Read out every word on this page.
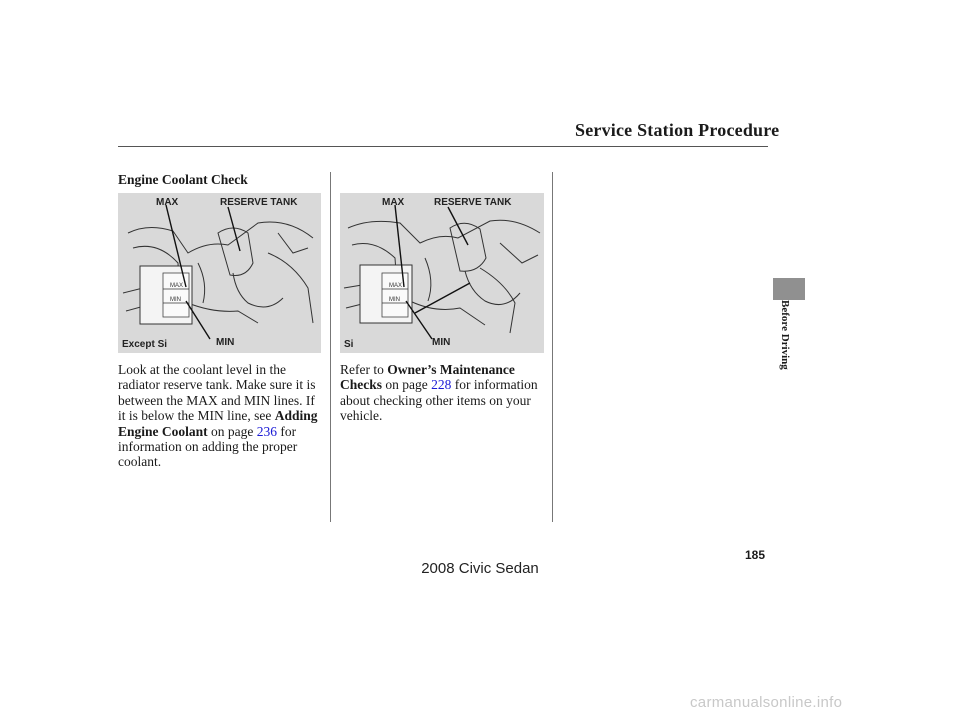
Service Station Procedure
Engine Coolant Check
MAX
MIN
MAX	RESERVE TANK
MIN
Except Si
MAX
MIN
MAX	RESERVE TANK
MIN
Si
Look at the coolant level in the
radiator reserve tank. Make sure it is
between the MAX and MIN lines. If
it is below the MIN line, see Adding
Engine Coolant on page 236 for
information on adding the proper
coolant.
Refer to Owner’s Maintenance
Checks on page 228 for information
about checking other items on your
vehicle.
Before Driving
185
2008 Civic Sedan
carmanualsonline.info
